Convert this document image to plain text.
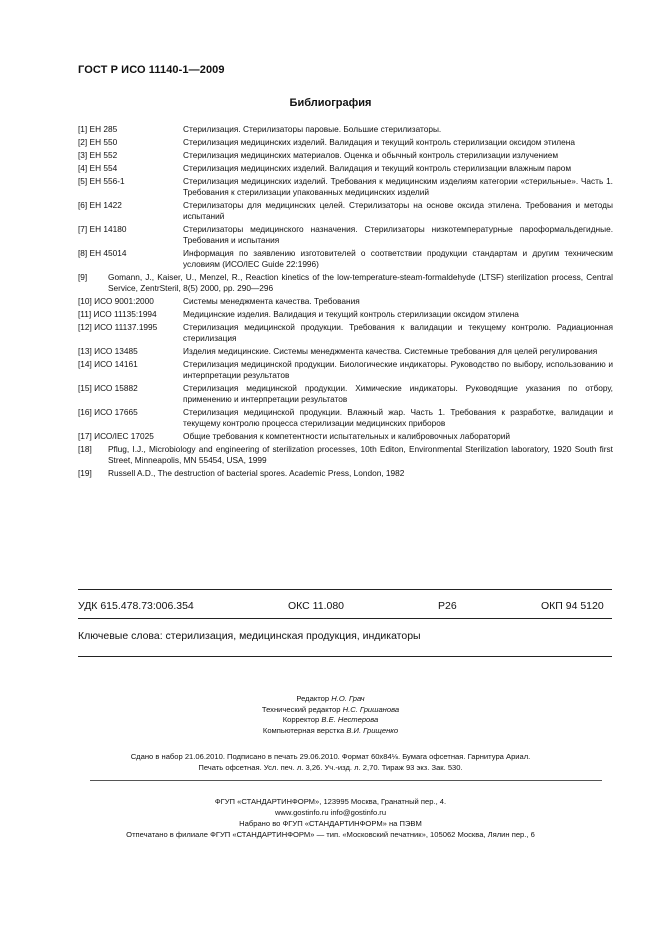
ГОСТ Р ИСО 11140-1—2009
Библиография
[1] ЕН 285	Стерилизация. Стерилизаторы паровые. Большие стерилизаторы.
[2] ЕН 550	Стерилизация медицинских изделий. Валидация и текущий контроль стерилизации оксидом этилена
[3] ЕН 552	Стерилизация медицинских материалов. Оценка и обычный контроль стерилизации излучением
[4] ЕН 554	Стерилизация медицинских изделий. Валидация и текущий контроль стерилизации влажным паром
[5] ЕН 556-1	Стерилизация медицинских изделий. Требования к медицинским изделиям категории «стерильные». Часть 1. Требования к стерилизации упакованных медицинских изделий
[6] ЕН 1422	Стерилизаторы для медицинских целей. Стерилизаторы на основе оксида этилена. Требования и методы испытаний
[7] ЕН 14180	Стерилизаторы медицинского назначения. Стерилизаторы низкотемпературные парoформальдегидные. Требования и испытания
[8] ЕН 45014	Информация по заявлению изготовителей о соответствии продукции стандартам и другим техническим условиям (ИСО/IEC Guide 22:1996)
[9]	Gomann, J., Kaiser, U., Menzel, R., Reaction kinetics of the low-temperature-steam-formaldehyde (LTSF) sterilization process, Central Service, ZentrSteril, 8(5) 2000, pp. 290—296
[10] ИСО 9001:2000	Системы менеджмента качества. Требования
[11] ИСО 11135:1994	Медицинские изделия. Валидация и текущий контроль стерилизации оксидом этилена
[12] ИСО 11137.1995	Стерилизация медицинской продукции. Требования к валидации и текущему контролю. Радиационная стерилизация
[13] ИСО 13485	Изделия медицинские. Системы менеджмента качества. Системные требования для целей регулирования
[14] ИСО 14161	Стерилизация медицинской продукции. Биологические индикаторы. Руководство по выбору, использованию и интерпретации результатов
[15] ИСО 15882	Стерилизация медицинской продукции. Химические индикаторы. Руководящие указания по отбору, применению и интерпретации результатов
[16] ИСО 17665	Стерилизация медицинской продукции. Влажный жар. Часть 1. Требования к разработке, валидации и текущему контролю процесса стерилизации медицинских приборов
[17] ИСО/IEC 17025	Общие требования к компетентности испытательных и калибровочных лабораторий
[18] Pflug, I.J., Microbiology and engineering of sterilization processes, 10th Editon, Environmental Sterilization laboratory, 1920 South first Street, Minneapolis, MN 55454, USA, 1999
[19] Russell A.D., The destruction of bacterial spores. Academic Press, London, 1982
УДК 615.478.73:006.354	ОКС 11.080	Р26	ОКП 94 5120
Ключевые слова: стерилизация, медицинская продукция, индикаторы
Редактор Н.О. Грач
Технический редактор Н.С. Гришанова
Корректор В.Е. Нестерова
Компьютерная верстка В.И. Грищенко
Сдано в набор 21.06.2010. Подписано в печать 29.06.2010. Формат 60x84⅛. Бумага офсетная. Гарнитура Ариал.
Печать офсетная. Усл. печ. л. 3,26. Уч.-изд. л. 2,70. Тираж 93 экз. Зак. 530.
ФГУП «СТАНДАРТИНФОРМ», 123995 Москва, Гранатный пер., 4.
www.gostinfo.ru info@gostinfo.ru
Набрано во ФГУП «СТАНДАРТИНФОРМ» на ПЭВМ
Отпечатано в филиале ФГУП «СТАНДАРТИНФОРМ» — тип. «Московский печатник», 105062 Москва, Лялин пер., 6
